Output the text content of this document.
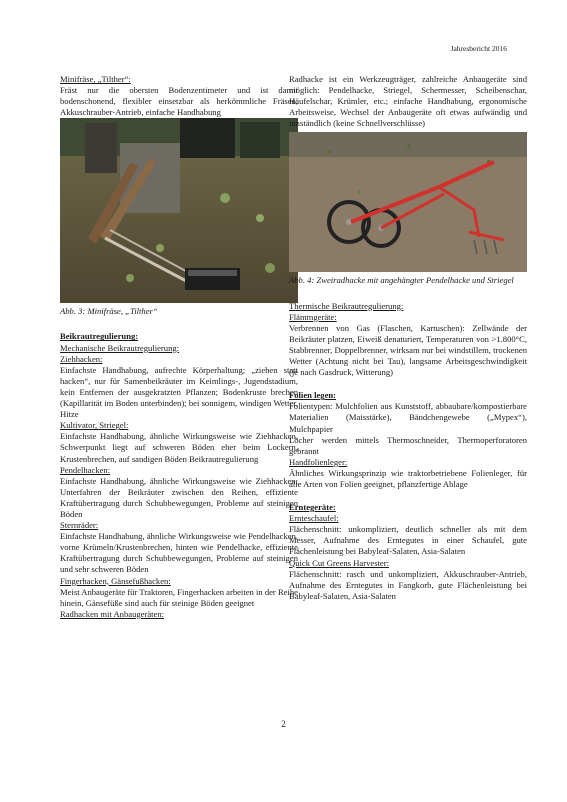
Jahresbericht 2016

Minifräse, „Tilther“:

Fräst nur die obersten Bodenzentimeter und ist damit bodenschonend, flexibler einsetzbar als herkömmliche Fräsen, Akkuschrauber-Antrieb, einfache Handhabung

Abb. 3: Minifräse, „Tilther“

Beikrautregulierung:

Mechanische Beikrautregulierung:

Ziehhacken:

Einfachste Handhabung, aufrechte Körperhaltung; „ziehen statt hacken“, nur für Samenbeikräuter im Keimlings-, Jugendstadium, kein Entfernen der ausgekratzten Pflanzen; Bodenkruste brechen (Kapillarität im Boden unterbinden); bei sonnigem, windigen Wetter, Hitze

Kultivator, Striegel:

Einfachste Handhabung, ähnliche Wirkungsweise wie Ziehhacken, Schwerpunkt liegt auf schweren Böden eher beim Lockern, Krustenbrechen, auf sandigen Böden Beikrautregulierung

Pendelhacken:

Einfachste Handhabung, ähnliche Wirkungsweise wie Ziehhacken; Unterfahren der Beikräuter zwischen den Reihen, effiziente Kraftübertragung durch Schubbewegungen, Probleme auf steinigen Böden

Sternräder:

Einfachste Handhabung, ähnliche Wirkungsweise wie Pendelhacken, vorne Krümeln/Krustenbrechen, hinten wie Pendelhacke, effiziente Kraftübertragung durch Schubbewegungen, Probleme auf steinigen und sehr schweren Böden

Fingerhacken, Gänsefußhacken:

Meist Anbaugeräte für Traktoren, Fingerhacken arbeiten in der Reihe hinein, Gänsefüße sind auch für steinige Böden geeignet

Radhacken mit Anbaugeräten:

Radhacke ist ein Werkzeugträger, zahlreiche Anbaugeräte sind möglich: Pendelhacke, Striegel, Schermesser, Scheibenschar, Häufelschar, Krümler, etc.; einfache Handhabung, ergonomische Arbeitsweise, Wechsel der Anbaugeräte oft etwas aufwändig und umständlich (keine Schnellverschlüsse)

Abb. 4: Zweiradhacke mit angehängter Pendelhacke und Striegel

Thermische Beikrautregulierung:

Flämmgeräte:

Verbrennen von Gas (Flaschen, Kartuschen): Zellwände der Beikräuter platzen, Eiweiß denaturiert, Temperaturen von >1.800°C, Stabbrenner, Doppelbrenner, wirksam nur bei windstillem, trockenen Wetter (Achtung nicht bei Tau), langsame Arbeitsgeschwindigkeit (je nach Gasdruck, Witterung)

Folien legen:

Folientypen: Mulchfolien aus Kunststoff, abbaubare/kompostierbare Materialien (Maisstärke), Bändchengewebe („Mypex“), Mulchpapier

Löcher werden mittels Thermoschneider, Thermoperforatoren gebrannt

Handfolienleger:

Ähnliches Wirkungsprinzip wie traktorbetriebene Folienleger, für alle Arten von Folien geeignet, pflanzfertige Ablage

Erntegeräte:

Ernteschaufel:

Flächenschnitt: unkompliziert, deutlich schneller als mit dem Messer, Aufnahme des Erntegutes in einer Schaufel, gute Flächenleistung bei Babyleaf-Salaten, Asia-Salaten

Quick Cut Greens Harvester:

Flächenschnitt: rasch und unkompliziert, Akkuschrauber-Antrieb, Aufnahme des Erntegutes in Fangkorb, gute Flächenleistung bei Babyleaf-Salaten, Asia-Salaten

2
